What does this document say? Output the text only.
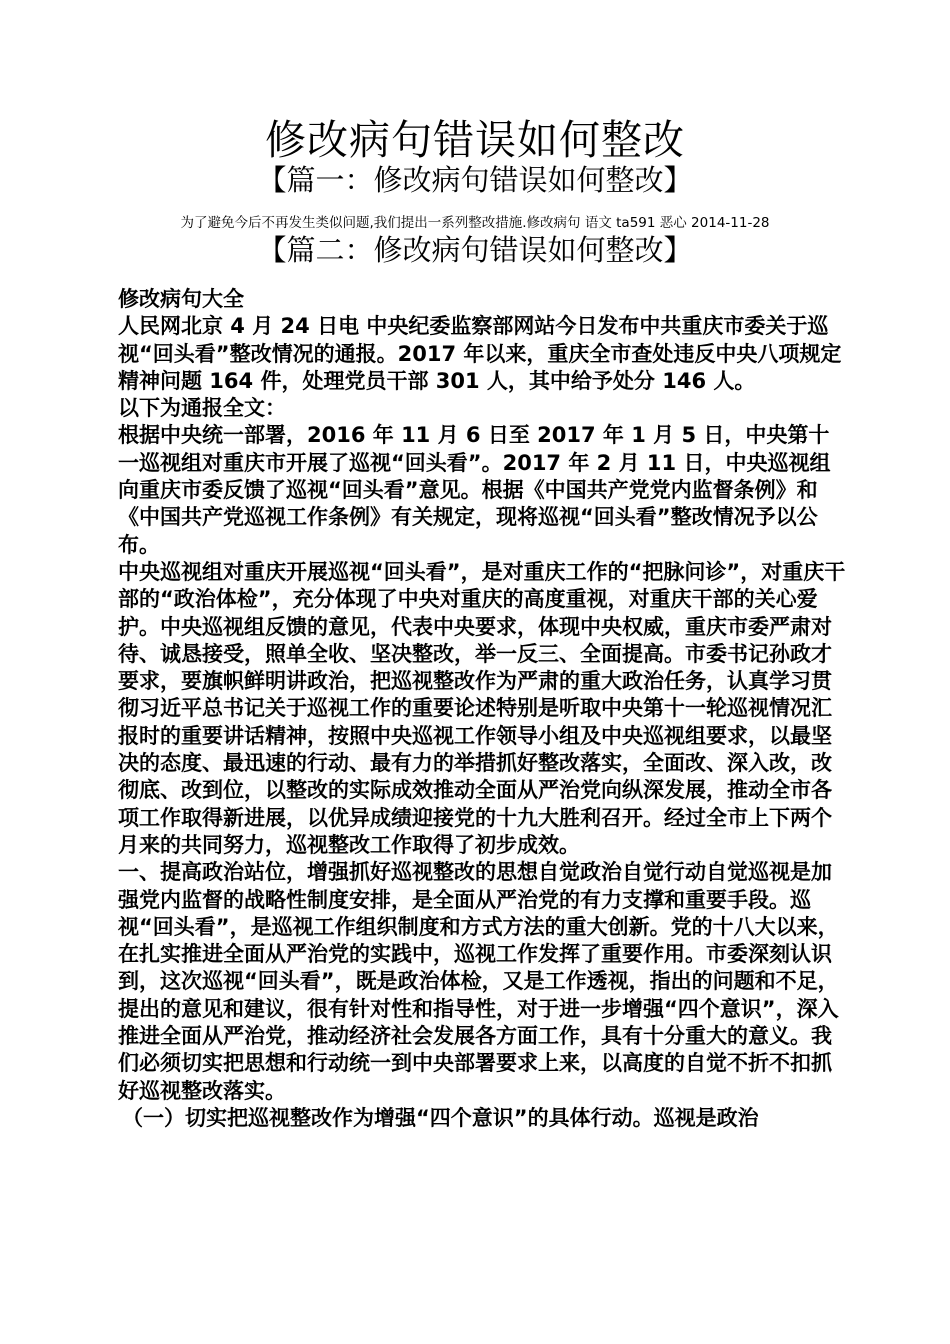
修改病句错误如何整改
【篇一：修改病句错误如何整改】
为了避免今后不再发生类似问题,我们提出一系列整改措施.修改病句 语文 ta591 恶心 2014-11-28
【篇二：修改病句错误如何整改】

修改病句大全

人民网北京 4 月 24 日电 中央纪委监察部网站今日发布中共重庆市委关于巡视“回头看”整改情况的通报。2017 年以来，重庆全市查处违反中央八项规定精神问题 164 件，处理党员干部 301 人，其中给予处分 146 人。

以下为通报全文：

根据中央统一部署，2016 年 11 月 6 日至 2017 年 1 月 5 日，中央第十一巡视组对重庆市开展了巡视“回头看”。2017 年 2 月 11 日，中央巡视组向重庆市委反馈了巡视“回头看”意见。根据《中国共产党党内监督条例》和《中国共产党巡视工作条例》有关规定，现将巡视“回头看”整改情况予以公布。

中央巡视组对重庆开展巡视“回头看”，是对重庆工作的“把脉问诊”，对重庆干部的“政治体检”，充分体现了中央对重庆的高度重视，对重庆干部的关心爱护。中央巡视组反馈的意见，代表中央要求，体现中央权威，重庆市委严肃对待、诚恳接受，照单全收、坚决整改，举一反三、全面提高。市委书记孙政才要求，要旗帜鲜明讲政治，把巡视整改作为严肃的重大政治任务，认真学习贯彻习近平总书记关于巡视工作的重要论述特别是听取中央第十一轮巡视情况汇报时的重要讲话精神，按照中央巡视工作领导小组及中央巡视组要求，以最坚决的态度、最迅速的行动、最有力的举措抓好整改落实，全面改、深入改，改彻底、改到位，以整改的实际成效推动全面从严治党向纵深发展，推动全市各项工作取得新进展，以优异成绩迎接党的十九大胜利召开。经过全市上下两个月来的共同努力，巡视整改工作取得了初步成效。

一、提高政治站位，增强抓好巡视整改的思想自觉政治自觉行动自觉巡视是加强党内监督的战略性制度安排，是全面从严治党的有力支撑和重要手段。巡视“回头看”，是巡视工作组织制度和方式方法的重大创新。党的十八大以来，在扎实推进全面从严治党的实践中，巡视工作发挥了重要作用。市委深刻认识到，这次巡视“回头看”，既是政治体检，又是工作透视，指出的问题和不足，提出的意见和建议，很有针对性和指导性，对于进一步增强“四个意识”，深入推进全面从严治党，推动经济社会发展各方面工作，具有十分重大的意义。我们必须切实把思想和行动统一到中央部署要求上来，以高度的自觉不折不扣抓好巡视整改落实。

（一）切实把巡视整改作为增强“四个意识”的具体行动。巡视是政治
